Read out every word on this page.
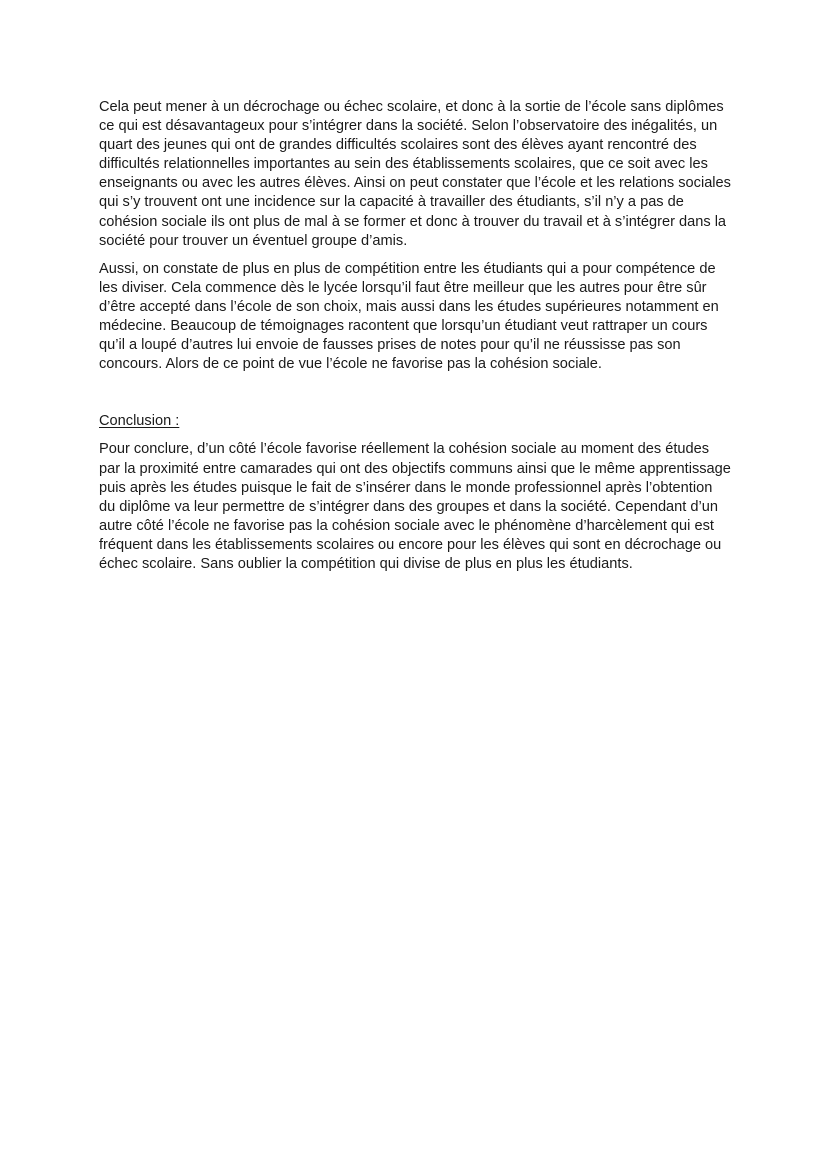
Cela peut mener à un décrochage ou échec scolaire, et donc à la sortie de l’école sans diplômes ce qui est désavantageux pour s’intégrer dans la société. Selon l’observatoire des inégalités, un quart des jeunes qui ont de grandes difficultés scolaires sont des élèves ayant rencontré des difficultés relationnelles importantes au sein des établissements scolaires, que ce soit avec les enseignants ou avec les autres élèves. Ainsi on peut constater que l’école et les relations sociales qui s’y trouvent ont une incidence sur la capacité à travailler des étudiants, s’il n’y a pas de cohésion sociale ils ont plus de mal à se former et donc à trouver du travail et à s’intégrer dans la société pour trouver un éventuel groupe d’amis.

Aussi, on constate de plus en plus de compétition entre les étudiants qui a pour compétence de les diviser. Cela commence dès le lycée lorsqu’il faut être meilleur que les autres pour être sûr d’être accepté dans l’école de son choix, mais aussi dans les études supérieures notamment en médecine. Beaucoup de témoignages racontent que lorsqu’un étudiant veut rattraper un cours qu’il a loupé d’autres lui envoie de fausses prises de notes pour qu’il ne réussisse pas son concours. Alors de ce point de vue l’école ne favorise pas la cohésion sociale.

Conclusion :

Pour conclure, d’un côté l’école favorise réellement la cohésion sociale au moment des études par la proximité entre camarades qui ont des objectifs communs ainsi que le même apprentissage puis après les études puisque le fait de s’insérer dans le monde professionnel après l’obtention du diplôme va leur permettre de s’intégrer dans des groupes et dans la société. Cependant d’un autre côté l’école ne favorise pas la cohésion sociale avec le phénomène d’harcèlement qui est fréquent dans les établissements scolaires ou encore pour les élèves qui sont en décrochage ou échec scolaire. Sans oublier la compétition qui divise de plus en plus les étudiants.
